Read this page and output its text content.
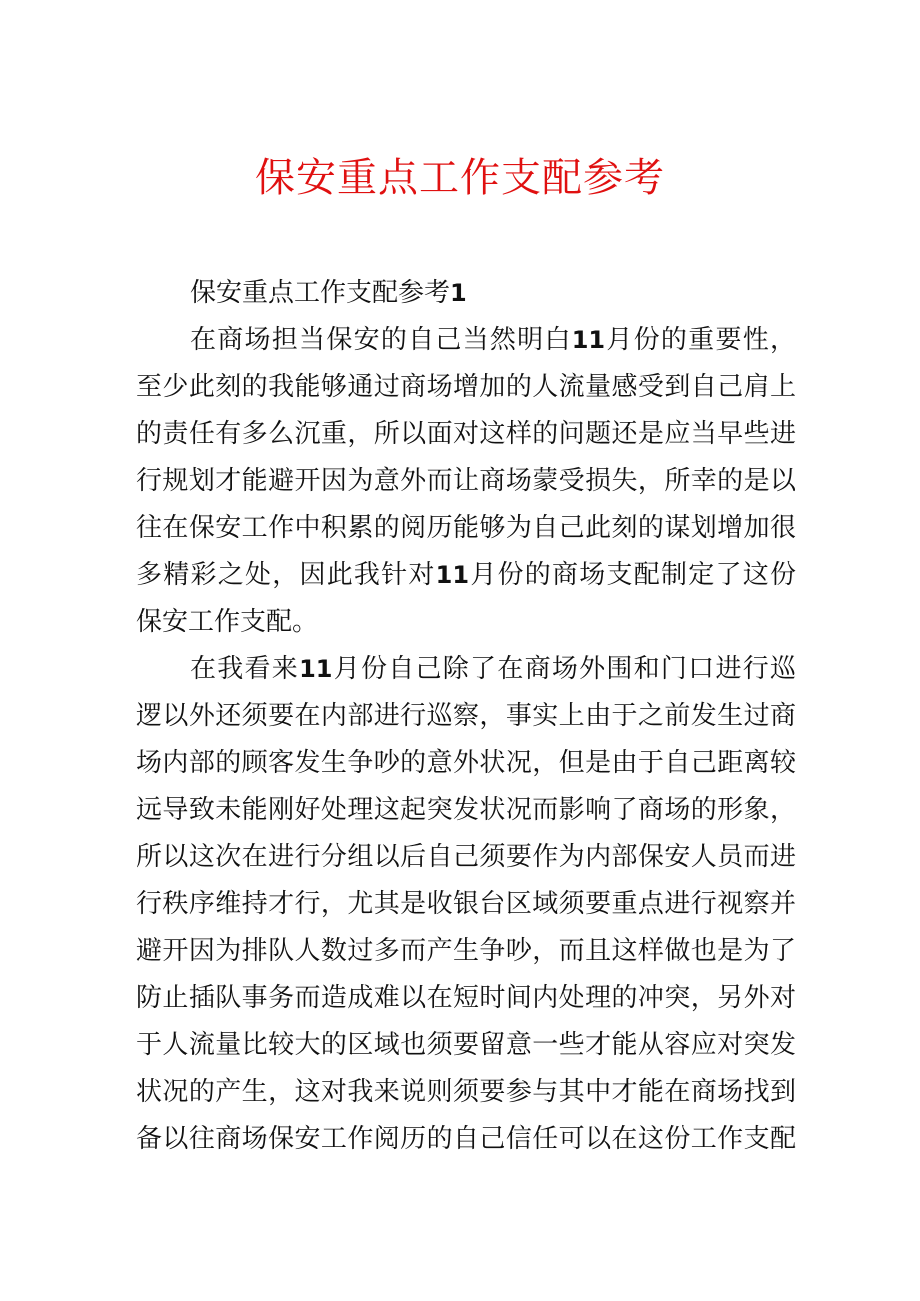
保安重点工作支配参考
保安重点工作支配参考1
在商场担当保安的自己当然明白11月份的重要性，
至少此刻的我能够通过商场增加的人流量感受到自己肩上
的责任有多么沉重，所以面对这样的问题还是应当早些进
行规划才能避开因为意外而让商场蒙受损失，所幸的是以
往在保安工作中积累的阅历能够为自己此刻的谋划增加很
多精彩之处，因此我针对11月份的商场支配制定了这份
保安工作支配。
在我看来11月份自己除了在商场外围和门口进行巡
逻以外还须要在内部进行巡察，事实上由于之前发生过商
场内部的顾客发生争吵的意外状况，但是由于自己距离较
远导致未能刚好处理这起突发状况而影响了商场的形象，
所以这次在进行分组以后自己须要作为内部保安人员而进
行秩序维持才行，尤其是收银台区域须要重点进行视察并
避开因为排队人数过多而产生争吵，而且这样做也是为了
防止插队事务而造成难以在短时间内处理的冲突，另外对
于人流量比较大的区域也须要留意一些才能从容应对突发
状况的产生，这对我来说则须要参与其中才能在商场找到
备以往商场保安工作阅历的自己信任可以在这份工作支配
